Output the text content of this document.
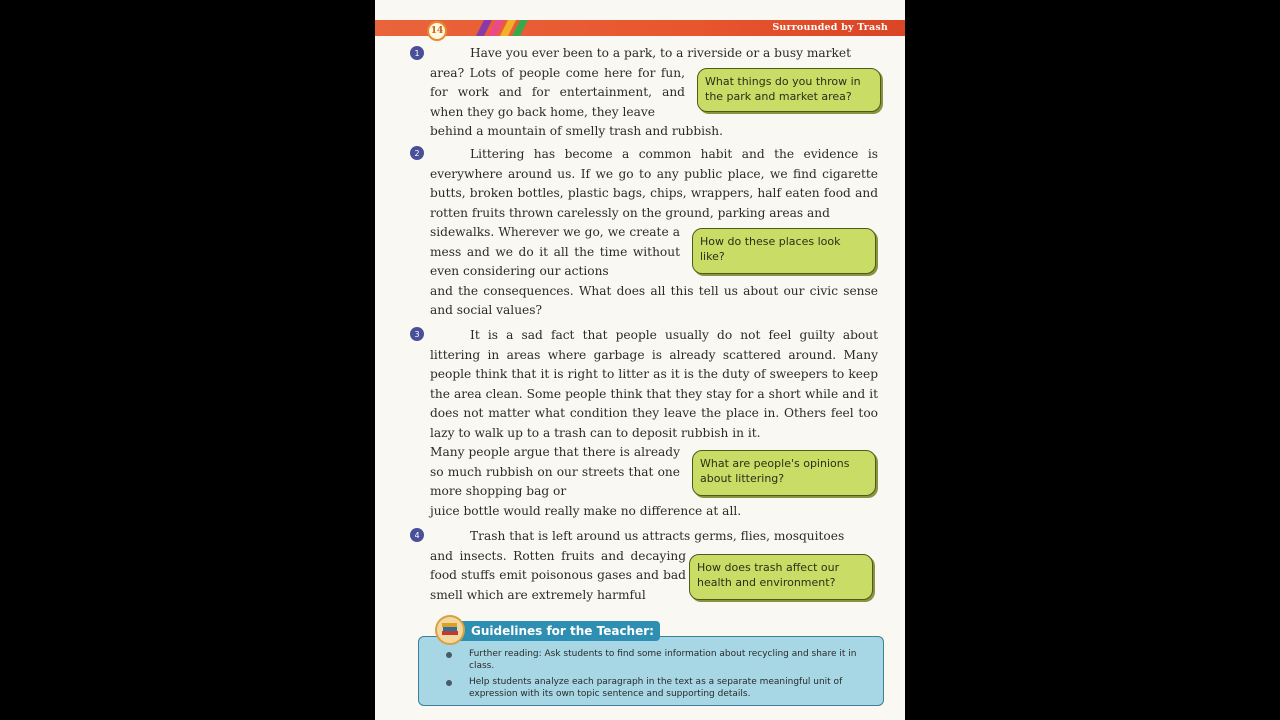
14	Surrounded by Trash
1	Have you ever been to a park, to a riverside or a busy market

area? Lots of people come here for fun, for work and for entertainment, and when they go back home, they leave

behind a mountain of smelly trash and rubbish.

What things do you throw in the park and market area?
2	Littering has become a common habit and the evidence is everywhere around us. If we go to any public place, we find cigarette butts, broken bottles, plastic bags, chips, wrappers, half eaten food and rotten fruits thrown carelessly on the ground, parking areas and

sidewalks. Wherever we go, we create a mess and we do it all the time without even considering our actions

and the consequences. What does all this tell us about our civic sense and social values?

How do these places look like?
3	It is a sad fact that people usually do not feel guilty about littering in areas where garbage is already scattered around. Many people think that it is right to litter as it is the duty of sweepers to keep the area clean. Some people think that they stay for a short while and it does not matter what condition they leave the place in. Others feel too lazy to walk up to a trash can to deposit rubbish in it.

Many people argue that there is already so much rubbish on our streets that one more shopping bag or

juice bottle would really make no difference at all.

What are people's opinions about littering?
4	Trash that is left around us attracts germs, flies, mosquitoes

and insects. Rotten fruits and decaying food stuffs emit poisonous gases and bad smell which are extremely harmful
How does trash affect our health and environment?
Guidelines for the Teacher:
Further reading: Ask students to find some information about recycling and share it in class.
Help students analyze each paragraph in the text as a separate meaningful unit of expression with its own topic sentence and supporting details.
